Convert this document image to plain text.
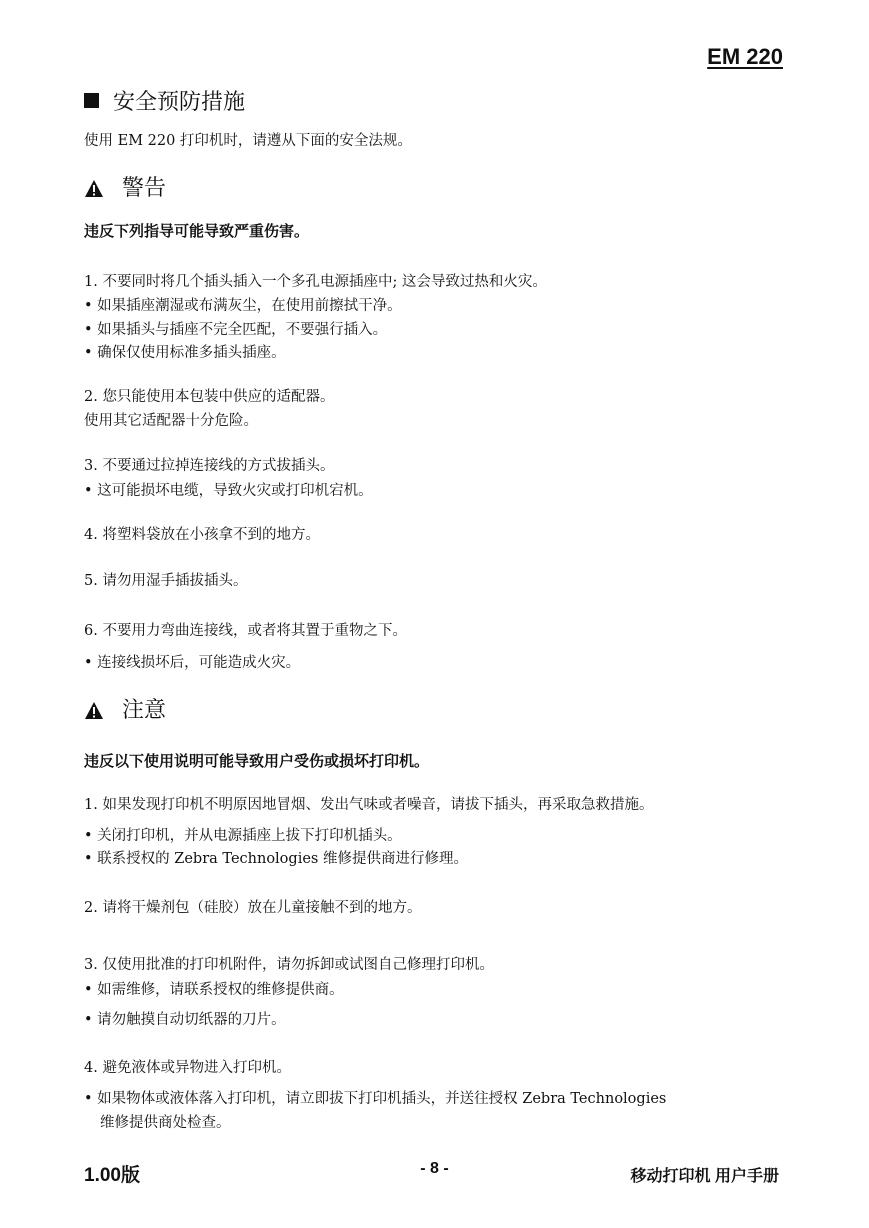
EM 220
安全预防措施
使用 EM 220 打印机时，请遵从下面的安全法规。
警告
违反下列指导可能导致严重伤害。
1. 不要同时将几个插头插入一个多孔电源插座中; 这会导致过热和火灾。
• 如果插座潮湿或布满灰尘，在使用前擦拭干净。
• 如果插头与插座不完全匹配，不要强行插入。
• 确保仅使用标准多插头插座。
2. 您只能使用本包装中供应的适配器。
使用其它适配器十分危险。
3. 不要通过拉掉连接线的方式拔插头。
• 这可能损坏电缆，导致火灾或打印机宕机。
4. 将塑料袋放在小孩拿不到的地方。
5. 请勿用湿手插拔插头。
6. 不要用力弯曲连接线，或者将其置于重物之下。
• 连接线损坏后，可能造成火灾。
注意
违反以下使用说明可能导致用户受伤或损坏打印机。
1. 如果发现打印机不明原因地冒烟、发出气味或者噪音，请拔下插头，再采取急救措施。
• 关闭打印机，并从电源插座上拔下打印机插头。
• 联系授权的 Zebra Technologies 维修提供商进行修理。
2. 请将干燥剂包（硅胶）放在儿童接触不到的地方。
3. 仅使用批准的打印机附件，请勿拆卸或试图自己修理打印机。
• 如需维修，请联系授权的维修提供商。
• 请勿触摸自动切纸器的刀片。
4. 避免液体或异物进入打印机。
• 如果物体或液体落入打印机，请立即拔下打印机插头，并送往授权 Zebra Technologies
维修提供商处检查。
1.00版	- 8 -	移动打印机 用户手册
